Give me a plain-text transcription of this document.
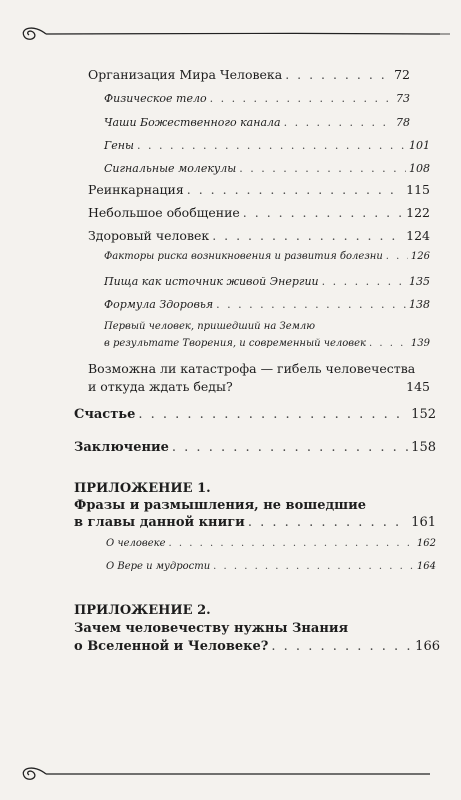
Организация Мира Человека . . .	72
Физическое тело . . .	73
Чаши Божественного канала . . .	78
Гены . . .	101
Сигнальные молекулы . . .	108
Реинкарнация . . .	115
Небольшое обобщение . . .	122
Здоровый человек . . .	124
Факторы риска возникновения и развития болезни . . .	126
Пища как источник живой Энергии . . .	135
Формула Здоровья . . .	138
Первый человек, пришедший на Землю
в результате Творения, и современный человек . . .	139
Возможна ли катастрофа — гибель человечества
и откуда ждать беды?	145
Счастье . . .	152
Заключение . . .	158
ПРИЛОЖЕНИЕ 1.
Фразы и размышления, не вошедшие
в главы данной книги . . .	161
О человеке . . .	162
О Вере и мудрости . . .	164
ПРИЛОЖЕНИЕ 2.
Зачем человечеству нужны Знания
о Вселенной и Человеке? . . .	166
